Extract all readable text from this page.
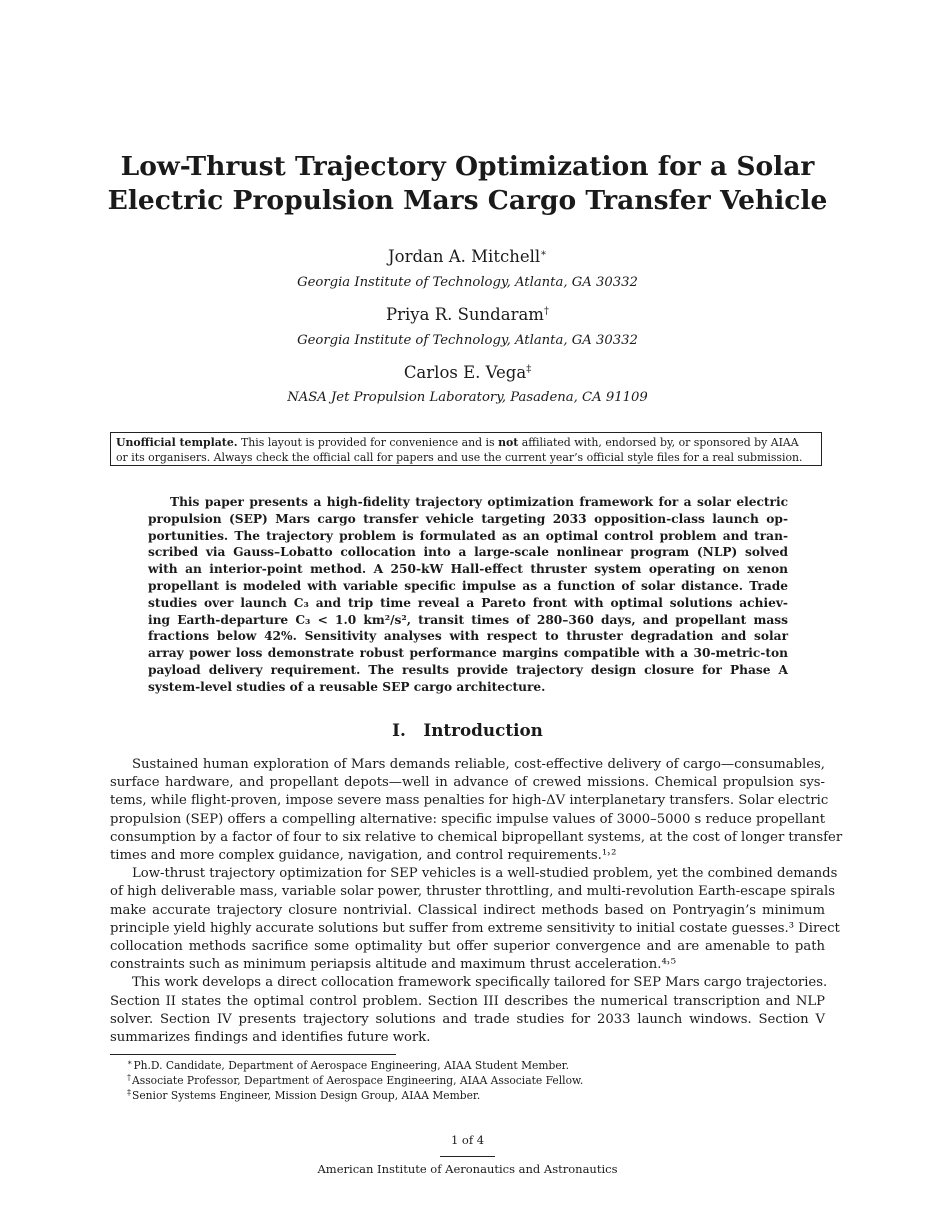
Low-Thrust Trajectory Optimization for a Solar
Electric Propulsion Mars Cargo Transfer Vehicle
Jordan A. Mitchell∗
Georgia Institute of Technology, Atlanta, GA 30332
Priya R. Sundaram†
Georgia Institute of Technology, Atlanta, GA 30332
Carlos E. Vega‡
NASA Jet Propulsion Laboratory, Pasadena, CA 91109
Unofficial template. This layout is provided for convenience and is not affiliated with, endorsed by, or sponsored by AIAA
or its organisers. Always check the official call for papers and use the current year’s official style files for a real submission.
This paper presents a high-fidelity trajectory optimization framework for a solar electric
propulsion (SEP) Mars cargo transfer vehicle targeting 2033 opposition-class launch op-
portunities. The trajectory problem is formulated as an optimal control problem and tran-
scribed via Gauss–Lobatto collocation into a large-scale nonlinear program (NLP) solved
with an interior-point method. A 250-kW Hall-effect thruster system operating on xenon
propellant is modeled with variable specific impulse as a function of solar distance. Trade
studies over launch C₃ and trip time reveal a Pareto front with optimal solutions achiev-
ing Earth-departure C₃ < 1.0 km²/s², transit times of 280–360 days, and propellant mass
fractions below 42%. Sensitivity analyses with respect to thruster degradation and solar
array power loss demonstrate robust performance margins compatible with a 30-metric-ton
payload delivery requirement. The results provide trajectory design closure for Phase A
system-level studies of a reusable SEP cargo architecture.
I.   Introduction
Sustained human exploration of Mars demands reliable, cost-effective delivery of cargo—consumables,
surface hardware, and propellant depots—well in advance of crewed missions. Chemical propulsion sys-
tems, while flight-proven, impose severe mass penalties for high-ΔV interplanetary transfers. Solar electric
propulsion (SEP) offers a compelling alternative: specific impulse values of 3000–5000 s reduce propellant
consumption by a factor of four to six relative to chemical bipropellant systems, at the cost of longer transfer
times and more complex guidance, navigation, and control requirements.¹˒²
Low-thrust trajectory optimization for SEP vehicles is a well-studied problem, yet the combined demands
of high deliverable mass, variable solar power, thruster throttling, and multi-revolution Earth-escape spirals
make accurate trajectory closure nontrivial. Classical indirect methods based on Pontryagin’s minimum
principle yield highly accurate solutions but suffer from extreme sensitivity to initial costate guesses.³ Direct
collocation methods sacrifice some optimality but offer superior convergence and are amenable to path
constraints such as minimum periapsis altitude and maximum thrust acceleration.⁴˒⁵
This work develops a direct collocation framework specifically tailored for SEP Mars cargo trajectories.
Section II states the optimal control problem. Section III describes the numerical transcription and NLP
solver. Section IV presents trajectory solutions and trade studies for 2033 launch windows. Section V
summarizes findings and identifies future work.
∗Ph.D. Candidate, Department of Aerospace Engineering, AIAA Student Member.
†Associate Professor, Department of Aerospace Engineering, AIAA Associate Fellow.
‡Senior Systems Engineer, Mission Design Group, AIAA Member.
1 of 4
American Institute of Aeronautics and Astronautics
